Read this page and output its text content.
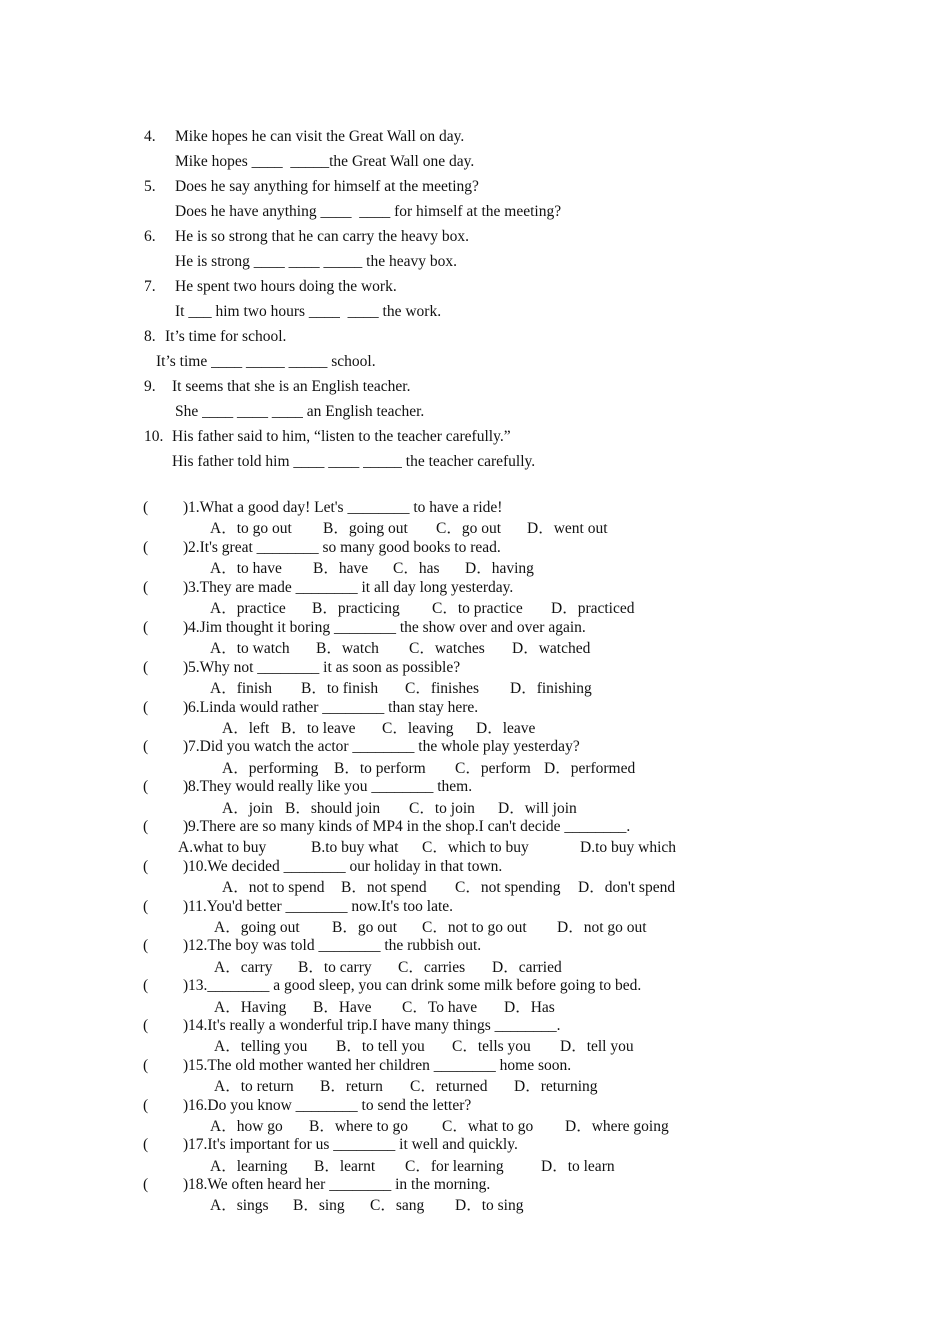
4.

Mike hopes he can visit the Great Wall on day.

Mike hopes ____  _____the Great Wall one day.

5.

Does he say anything for himself at the meeting?

Does he have anything ____  ____ for himself at the meeting?

6.

He is so strong that he can carry the heavy box.

He is strong ____ ____ _____ the heavy box.

7.

He spent two hours doing the work.

It ___ him two hours ____  ____ the work.

8.

It’s time for school.

It’s time ____ _____ _____ school.

9.

It seems that she is an English teacher.

She ____ ____ ____ an English teacher.

10.

His father said to him, “listen to the teacher carefully.”

His father told him ____ ____ _____ the teacher carefully.

(

)

1.What a good day! Let's ________ to have a ride!

A．to go out

B．going out

C．go out

D．went out

(

)

2.It's great ________ so many good books to read.

A．to have

B．have

C．has

D．having

(

)

3.They are made ________ it all day long yesterday.

A．practice

B．practicing

C．to practice

D．practiced

(

)

4.Jim thought it boring ________ the show over and over again.

A．to watch

B．watch

C．watches

D．watched

(

)

5.Why not ________ it as soon as possible?

A．finish

B．to finish

C．finishes

D．finishing

(

)

6.Linda would rather ________ than stay here.

A．left

B．to leave

C．leaving

D．leave

(

)

7.Did you watch the actor ________ the whole play yesterday?

A．performing

B．to perform

C．perform

D．performed

(

)

8.They would really like you ________ them.

A．join

B．should join

C．to join

D．will join

(

)

9.There are so many kinds of MP4 in the shop.I can't decide ________.

A.what to buy

	B.to buy what

C．which to buy

	D.to buy which

(

)

10.We decided ________ our holiday in that town.

A．not to spend

B．not spend

C．not spending

D．don't spend

(

)

11.You'd better ________ now.It's too late.

A．going out

B．go out

C．not to go out

D．not go out

(

)

12.The boy was told ________ the rubbish out.

A．carry

B．to carry

C．carries

D．carried

(

)

13.________ a good sleep, you can drink some milk before going to bed.

A．Having

B．Have

C．To have

D．Has

(

)

14.It's really a wonderful trip.I have many things ________.

A．telling you

B．to tell you

C．tells you

D．tell you

(

)

15.The old mother wanted her children ________ home soon.

A．to return

B．return

C．returned

D．returning

(

)

16.Do you know ________ to send the letter?

A．how go

B．where to go

C．what to go

D．where going

(

)

17.It's important for us ________ it well and quickly.

A．learning

B．learnt

C．for learning

D．to learn

(

)

18.We often heard her ________ in the morning.

A．sings

B．sing

C．sang

D．to sing
